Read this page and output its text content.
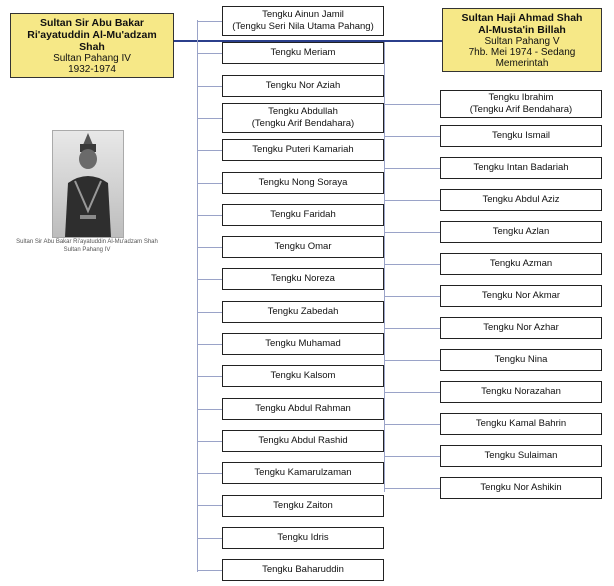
Sultan Sir Abu Bakar
Ri'ayatuddin Al-Mu'adzam
Shah
Sultan Pahang IV
1932-1974
Sultan Haji Ahmad Shah
Al-Musta'in Billah
Sultan Pahang V
7hb. Mei 1974 - Sedang
Memerintah
Sultan Sir Abu Bakar Ri'ayatuddin Al-Mu'adzam Shah
Sultan Pahang IV
Tengku Ainun Jamil
(Tengku Seri Nila Utama Pahang)
Tengku Meriam
Tengku Nor Aziah
Tengku Abdullah
(Tengku Arif Bendahara)
Tengku Puteri Kamariah
Tengku Nong Soraya
Tengku Faridah
Tengku Omar
Tengku Noreza
Tengku Zabedah
Tengku Muhamad
Tengku Kalsom
Tengku Abdul Rahman
Tengku Abdul Rashid
Tengku Kamarulzaman
Tengku Zaiton
Tengku Idris
Tengku Baharuddin
Tengku Ibrahim
(Tengku Arif Bendahara)
Tengku Ismail
Tengku Intan Badariah
Tengku Abdul Aziz
Tengku Azlan
Tengku Azman
Tengku Nor Akmar
Tengku Nor Azhar
Tengku Nina
Tengku Norazahan
Tengku Kamal Bahrin
Tengku Sulaiman
Tengku Nor Ashikin
